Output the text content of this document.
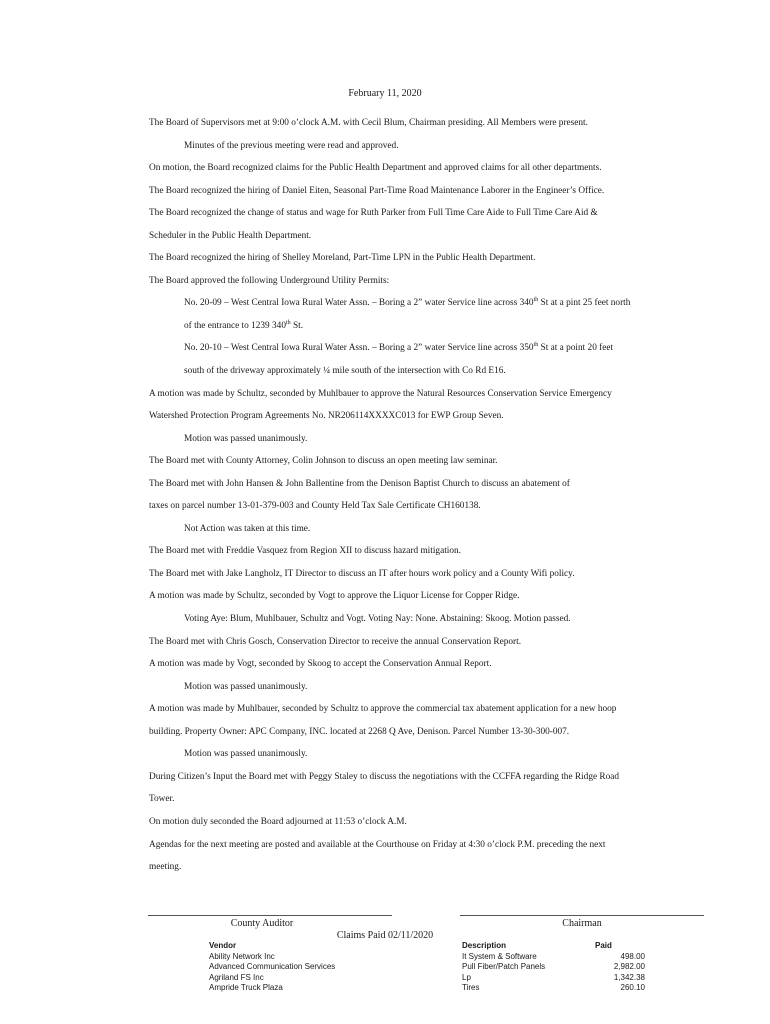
February 11, 2020
The Board of Supervisors met at 9:00 o’clock A.M. with Cecil Blum, Chairman presiding. All Members were present.
Minutes of the previous meeting were read and approved.
On motion, the Board recognized claims for the Public Health Department and approved claims for all other departments.
The Board recognized the hiring of Daniel Eiten, Seasonal Part-Time Road Maintenance Laborer in the Engineer’s Office.
The Board recognized the change of status and wage for Ruth Parker from Full Time Care Aide to Full Time Care Aid &
Scheduler in the Public Health Department.
The Board recognized the hiring of Shelley Moreland, Part-Time LPN in the Public Health Department.
The Board approved the following Underground Utility Permits:
No. 20-09 – West Central Iowa Rural Water Assn. – Boring a 2” water Service line across 340th St at a pint 25 feet north
of the entrance to 1239 340th St.
No. 20-10 – West Central Iowa Rural Water Assn. – Boring a 2” water Service line across 350th St at a point 20 feet
south of the driveway approximately ¼ mile south of the intersection with Co Rd E16.
A motion was made by Schultz, seconded by Muhlbauer to approve the Natural Resources Conservation Service Emergency
Watershed Protection Program Agreements No. NR206114XXXXC013 for EWP Group Seven.
Motion was passed unanimously.
The Board met with County Attorney, Colin Johnson to discuss an open meeting law seminar.
The Board met with John Hansen & John Ballentine from the Denison Baptist Church to discuss an abatement of
taxes on parcel number 13-01-379-003 and County Held Tax Sale Certificate CH160138.
Not Action was taken at this time.
The Board met with Freddie Vasquez from Region XII to discuss hazard mitigation.
The Board met with Jake Langholz, IT Director to discuss an IT after hours work policy and a County Wifi policy.
A motion was made by Schultz, seconded by Vogt to approve the Liquor License for Copper Ridge.
Voting Aye: Blum, Muhlbauer, Schultz and Vogt. Voting Nay: None. Abstaining: Skoog. Motion passed.
The Board met with Chris Gosch, Conservation Director to receive the annual Conservation Report.
A motion was made by Vogt, seconded by Skoog to accept the Conservation Annual Report.
Motion was passed unanimously.
A motion was made by Muhlbauer, seconded by Schultz to approve the commercial tax abatement application for a new hoop
building. Property Owner: APC Company, INC. located at 2268 Q Ave, Denison. Parcel Number 13-30-300-007.
Motion was passed unanimously.
During Citizen’s Input the Board met with Peggy Staley to discuss the negotiations with the CCFFA regarding the Ridge Road
Tower.
On motion duly seconded the Board adjourned at 11:53 o’clock A.M.
Agendas for the next meeting are posted and available at the Courthouse on Friday at 4:30 o’clock P.M. preceding the next
meeting.
County Auditor	Chairman
Claims Paid 02/11/2020
Vendor	Description	Paid
Ability Network Inc	It System & Software	498.00
Advanced Communication Services	Pull Fiber/Patch Panels	2,982.00
Agriland FS Inc	Lp	1,342.38
Ampride Truck Plaza	Tires	260.10
